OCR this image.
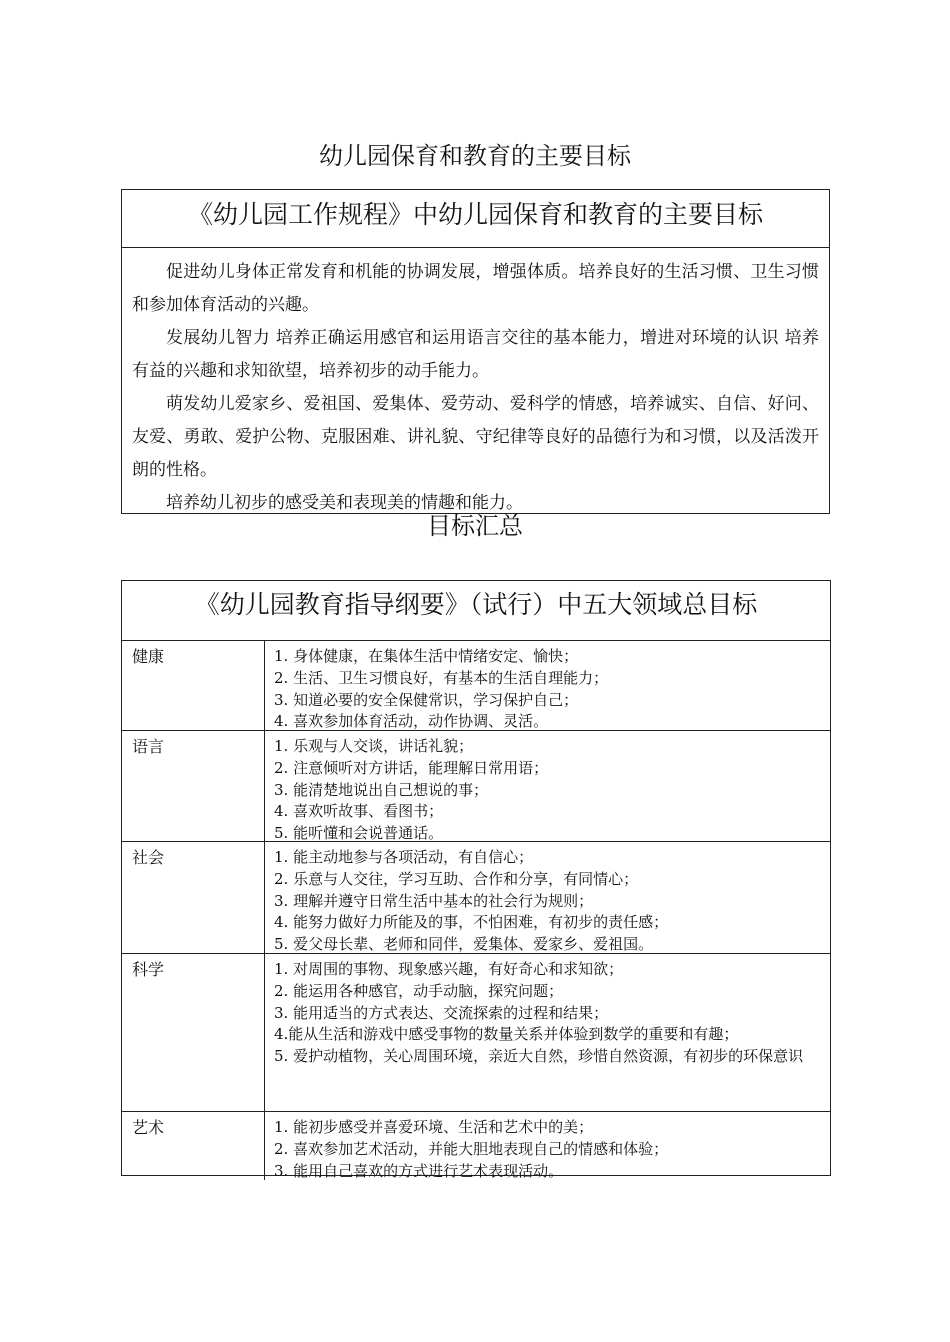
幼儿园保育和教育的主要目标
《幼儿园工作规程》中幼儿园保育和教育的主要目标

促进幼儿身体正常发育和机能的协调发展，增强体质。培养良好的生活习惯、卫生习惯和参加体育活动的兴趣。

发展幼儿智力 培养正确运用感官和运用语言交往的基本能力，增进对环境的认识 培养有益的兴趣和求知欲望，培养初步的动手能力。

萌发幼儿爱家乡、爱祖国、爱集体、爱劳动、爱科学的情感，培养诚实、自信、好问、友爱、勇敢、爱护公物、克服困难、讲礼貌、守纪律等良好的品德行为和习惯，以及活泼开朗的性格。

培养幼儿初步的感受美和表现美的情趣和能力。

目标汇总
《幼儿园教育指导纲要》（试行）中五大领域总目标
健康	1. 身体健康，在集体生活中情绪安定、愉快；
2. 生活、卫生习惯良好，有基本的生活自理能力；
3. 知道必要的安全保健常识，学习保护自己；
4. 喜欢参加体育活动，动作协调、灵活。
语言	1. 乐观与人交谈，讲话礼貌；
2. 注意倾听对方讲话，能理解日常用语；
3. 能清楚地说出自己想说的事；
4. 喜欢听故事、看图书；
5. 能听懂和会说普通话。
社会	1. 能主动地参与各项活动，有自信心；
2. 乐意与人交往，学习互助、合作和分享，有同情心；
3. 理解并遵守日常生活中基本的社会行为规则；
4. 能努力做好力所能及的事，不怕困难，有初步的责任感；
5. 爱父母长辈、老师和同伴，爱集体、爱家乡、爱祖国。
科学	1. 对周围的事物、现象感兴趣，有好奇心和求知欲；
2. 能运用各种感官，动手动脑，探究问题；
3. 能用适当的方式表达、交流探索的过程和结果；
4.能从生活和游戏中感受事物的数量关系并体验到数学的重要和有趣；
5. 爱护动植物，关心周围环境，亲近大自然，珍惜自然资源，有初步的环保意识
艺术	1. 能初步感受并喜爱环境、生活和艺术中的美；
2. 喜欢参加艺术活动，并能大胆地表现自己的情感和体验；
3. 能用自己喜欢的方式进行艺术表现活动。
